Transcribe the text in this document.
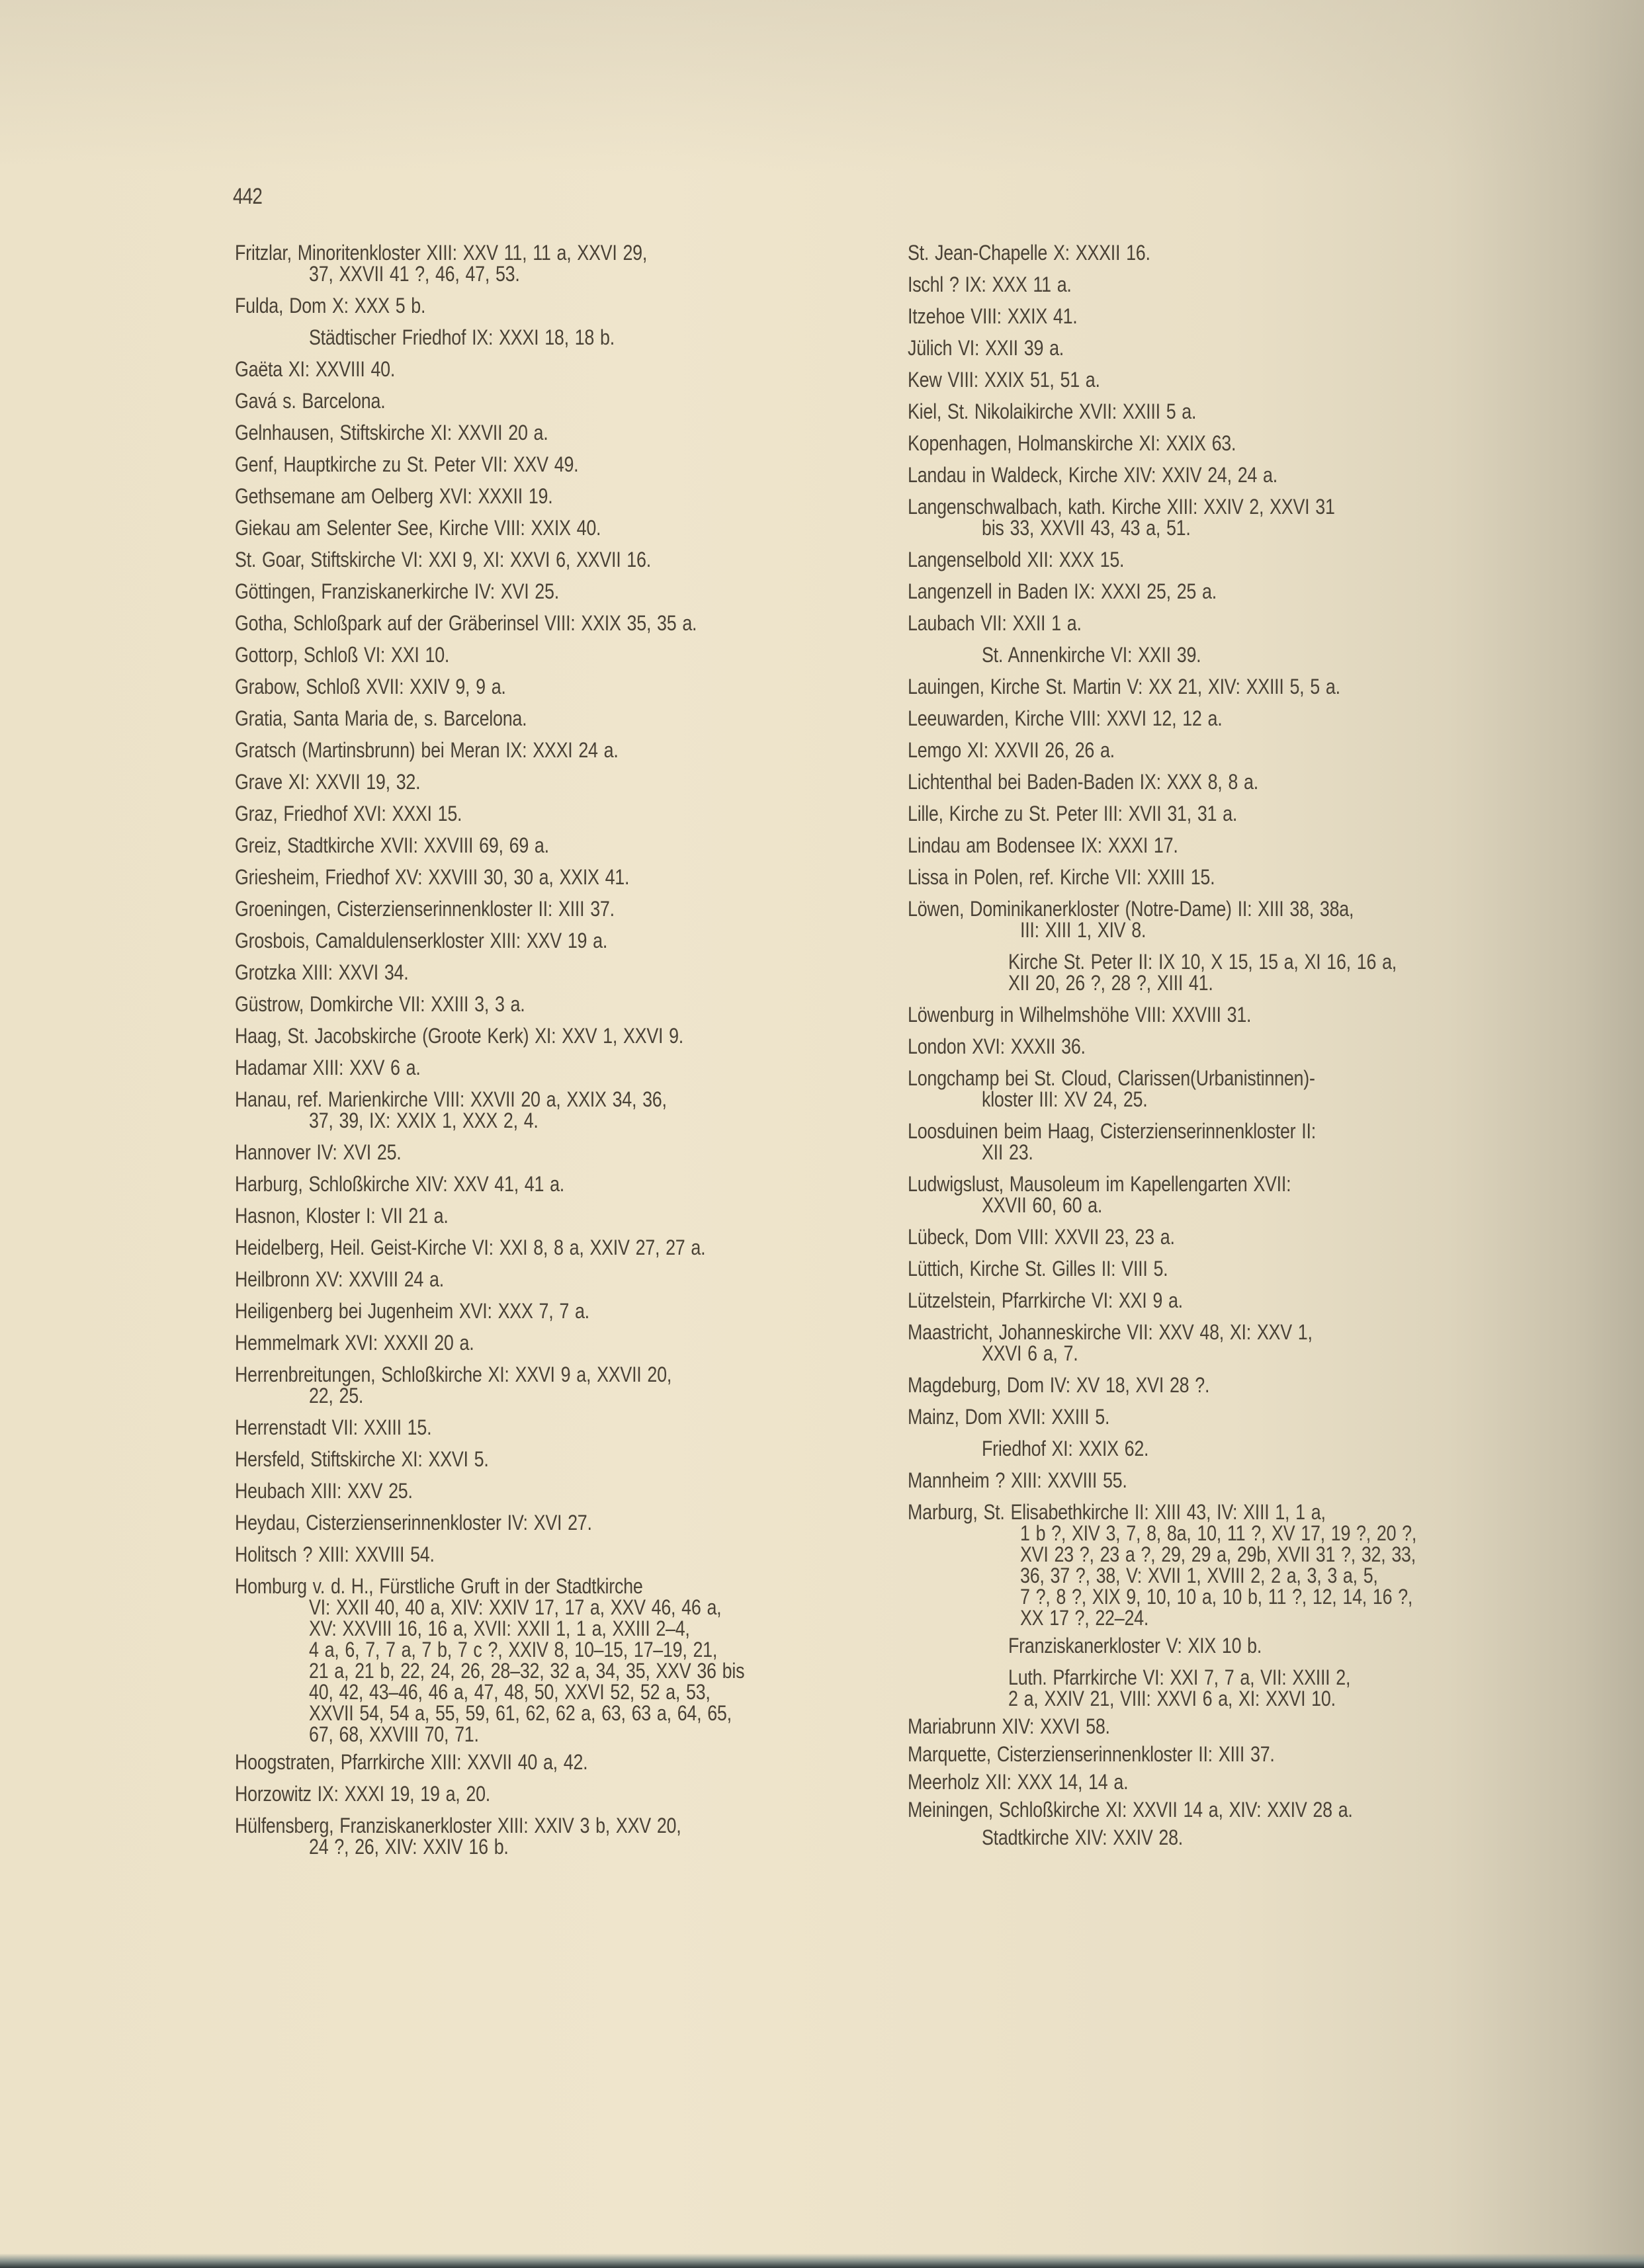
442
Fritzlar, Minoritenkloster XIII: XXV 11, 11 a, XXVI 29,
37, XXVII 41 ?, 46, 47, 53.
Fulda, Dom X: XXX 5 b.
Städtischer Friedhof IX: XXXI 18, 18 b.
Gaëta XI: XXVIII 40.
Gavá s. Barcelona.
Gelnhausen, Stiftskirche XI: XXVII 20 a.
Genf, Hauptkirche zu St. Peter VII: XXV 49.
Gethsemane am Oelberg XVI: XXXII 19.
Giekau am Selenter See, Kirche VIII: XXIX 40.
St. Goar, Stiftskirche VI: XXI 9, XI: XXVI 6, XXVII 16.
Göttingen, Franziskanerkirche IV: XVI 25.
Gotha, Schloßpark auf der Gräberinsel VIII: XXIX 35, 35 a.
Gottorp, Schloß VI: XXI 10.
Grabow, Schloß XVII: XXIV 9, 9 a.
Gratia, Santa Maria de, s. Barcelona.
Gratsch (Martinsbrunn) bei Meran IX: XXXI 24 a.
Grave XI: XXVII 19, 32.
Graz, Friedhof XVI: XXXI 15.
Greiz, Stadtkirche XVII: XXVIII 69, 69 a.
Griesheim, Friedhof XV: XXVIII 30, 30 a, XXIX 41.
Groeningen, Cisterzienserinnenkloster II: XIII 37.
Grosbois, Camaldulenserkloster XIII: XXV 19 a.
Grotzka XIII: XXVI 34.
Güstrow, Domkirche VII: XXIII 3, 3 a.
Haag, St. Jacobskirche (Groote Kerk) XI: XXV 1, XXVI 9.
Hadamar XIII: XXV 6 a.
Hanau, ref. Marienkirche VIII: XXVII 20 a, XXIX 34, 36,
37, 39, IX: XXIX 1, XXX 2, 4.
Hannover IV: XVI 25.
Harburg, Schloßkirche XIV: XXV 41, 41 a.
Hasnon, Kloster I: VII 21 a.
Heidelberg, Heil. Geist-Kirche VI: XXI 8, 8 a, XXIV 27, 27 a.
Heilbronn XV: XXVIII 24 a.
Heiligenberg bei Jugenheim XVI: XXX 7, 7 a.
Hemmelmark XVI: XXXII 20 a.
Herrenbreitungen, Schloßkirche XI: XXVI 9 a, XXVII 20,
22, 25.
Herrenstadt VII: XXIII 15.
Hersfeld, Stiftskirche XI: XXVI 5.
Heubach XIII: XXV 25.
Heydau, Cisterzienserinnenkloster IV: XVI 27.
Holitsch ? XIII: XXVIII 54.
Homburg v. d. H., Fürstliche Gruft in der Stadtkirche
VI: XXII 40, 40 a, XIV: XXIV 17, 17 a, XXV 46, 46 a,
XV: XXVIII 16, 16 a, XVII: XXII 1, 1 a, XXIII 2–4,
4 a, 6, 7, 7 a, 7 b, 7 c ?, XXIV 8, 10–15, 17–19, 21,
21 a, 21 b, 22, 24, 26, 28–32, 32 a, 34, 35, XXV 36 bis
40, 42, 43–46, 46 a, 47, 48, 50, XXVI 52, 52 a, 53,
XXVII 54, 54 a, 55, 59, 61, 62, 62 a, 63, 63 a, 64, 65,
67, 68, XXVIII 70, 71.
Hoogstraten, Pfarrkirche XIII: XXVII 40 a, 42.
Horzowitz IX: XXXI 19, 19 a, 20.
Hülfensberg, Franziskanerkloster XIII: XXIV 3 b, XXV 20,
24 ?, 26, XIV: XXIV 16 b.
St. Jean-Chapelle X: XXXII 16.
Ischl ? IX: XXX 11 a.
Itzehoe VIII: XXIX 41.
Jülich VI: XXII 39 a.
Kew VIII: XXIX 51, 51 a.
Kiel, St. Nikolaikirche XVII: XXIII 5 a.
Kopenhagen, Holmanskirche XI: XXIX 63.
Landau in Waldeck, Kirche XIV: XXIV 24, 24 a.
Langenschwalbach, kath. Kirche XIII: XXIV 2, XXVI 31
bis 33, XXVII 43, 43 a, 51.
Langenselbold XII: XXX 15.
Langenzell in Baden IX: XXXI 25, 25 a.
Laubach VII: XXII 1 a.
St. Annenkirche VI: XXII 39.
Lauingen, Kirche St. Martin V: XX 21, XIV: XXIII 5, 5 a.
Leeuwarden, Kirche VIII: XXVI 12, 12 a.
Lemgo XI: XXVII 26, 26 a.
Lichtenthal bei Baden-Baden IX: XXX 8, 8 a.
Lille, Kirche zu St. Peter III: XVII 31, 31 a.
Lindau am Bodensee IX: XXXI 17.
Lissa in Polen, ref. Kirche VII: XXIII 15.
Löwen, Dominikanerkloster (Notre-Dame) II: XIII 38, 38a,
III: XIII 1, XIV 8.
Kirche St. Peter II: IX 10, X 15, 15 a, XI 16, 16 a,
XII 20, 26 ?, 28 ?, XIII 41.
Löwenburg in Wilhelmshöhe VIII: XXVIII 31.
London XVI: XXXII 36.
Longchamp bei St. Cloud, Clarissen(Urbanistinnen)-
kloster III: XV 24, 25.
Loosduinen beim Haag, Cisterzienserinnenkloster II:
XII 23.
Ludwigslust, Mausoleum im Kapellengarten XVII:
XXVII 60, 60 a.
Lübeck, Dom VIII: XXVII 23, 23 a.
Lüttich, Kirche St. Gilles II: VIII 5.
Lützelstein, Pfarrkirche VI: XXI 9 a.
Maastricht, Johanneskirche VII: XXV 48, XI: XXV 1,
XXVI 6 a, 7.
Magdeburg, Dom IV: XV 18, XVI 28 ?.
Mainz, Dom XVII: XXIII 5.
Friedhof XI: XXIX 62.
Mannheim ? XIII: XXVIII 55.
Marburg, St. Elisabethkirche II: XIII 43, IV: XIII 1, 1 a,
1 b ?, XIV 3, 7, 8, 8a, 10, 11 ?, XV 17, 19 ?, 20 ?,
XVI 23 ?, 23 a ?, 29, 29 a, 29b, XVII 31 ?, 32, 33,
36, 37 ?, 38, V: XVII 1, XVIII 2, 2 a, 3, 3 a, 5,
7 ?, 8 ?, XIX 9, 10, 10 a, 10 b, 11 ?, 12, 14, 16 ?,
XX 17 ?, 22–24.
Franziskanerkloster V: XIX 10 b.
Luth. Pfarrkirche VI: XXI 7, 7 a, VII: XXIII 2,
2 a, XXIV 21, VIII: XXVI 6 a, XI: XXVI 10.
Mariabrunn XIV: XXVI 58.
Marquette, Cisterzienserinnenkloster II: XIII 37.
Meerholz XII: XXX 14, 14 a.
Meiningen, Schloßkirche XI: XXVII 14 a, XIV: XXIV 28 a.
Stadtkirche XIV: XXIV 28.
